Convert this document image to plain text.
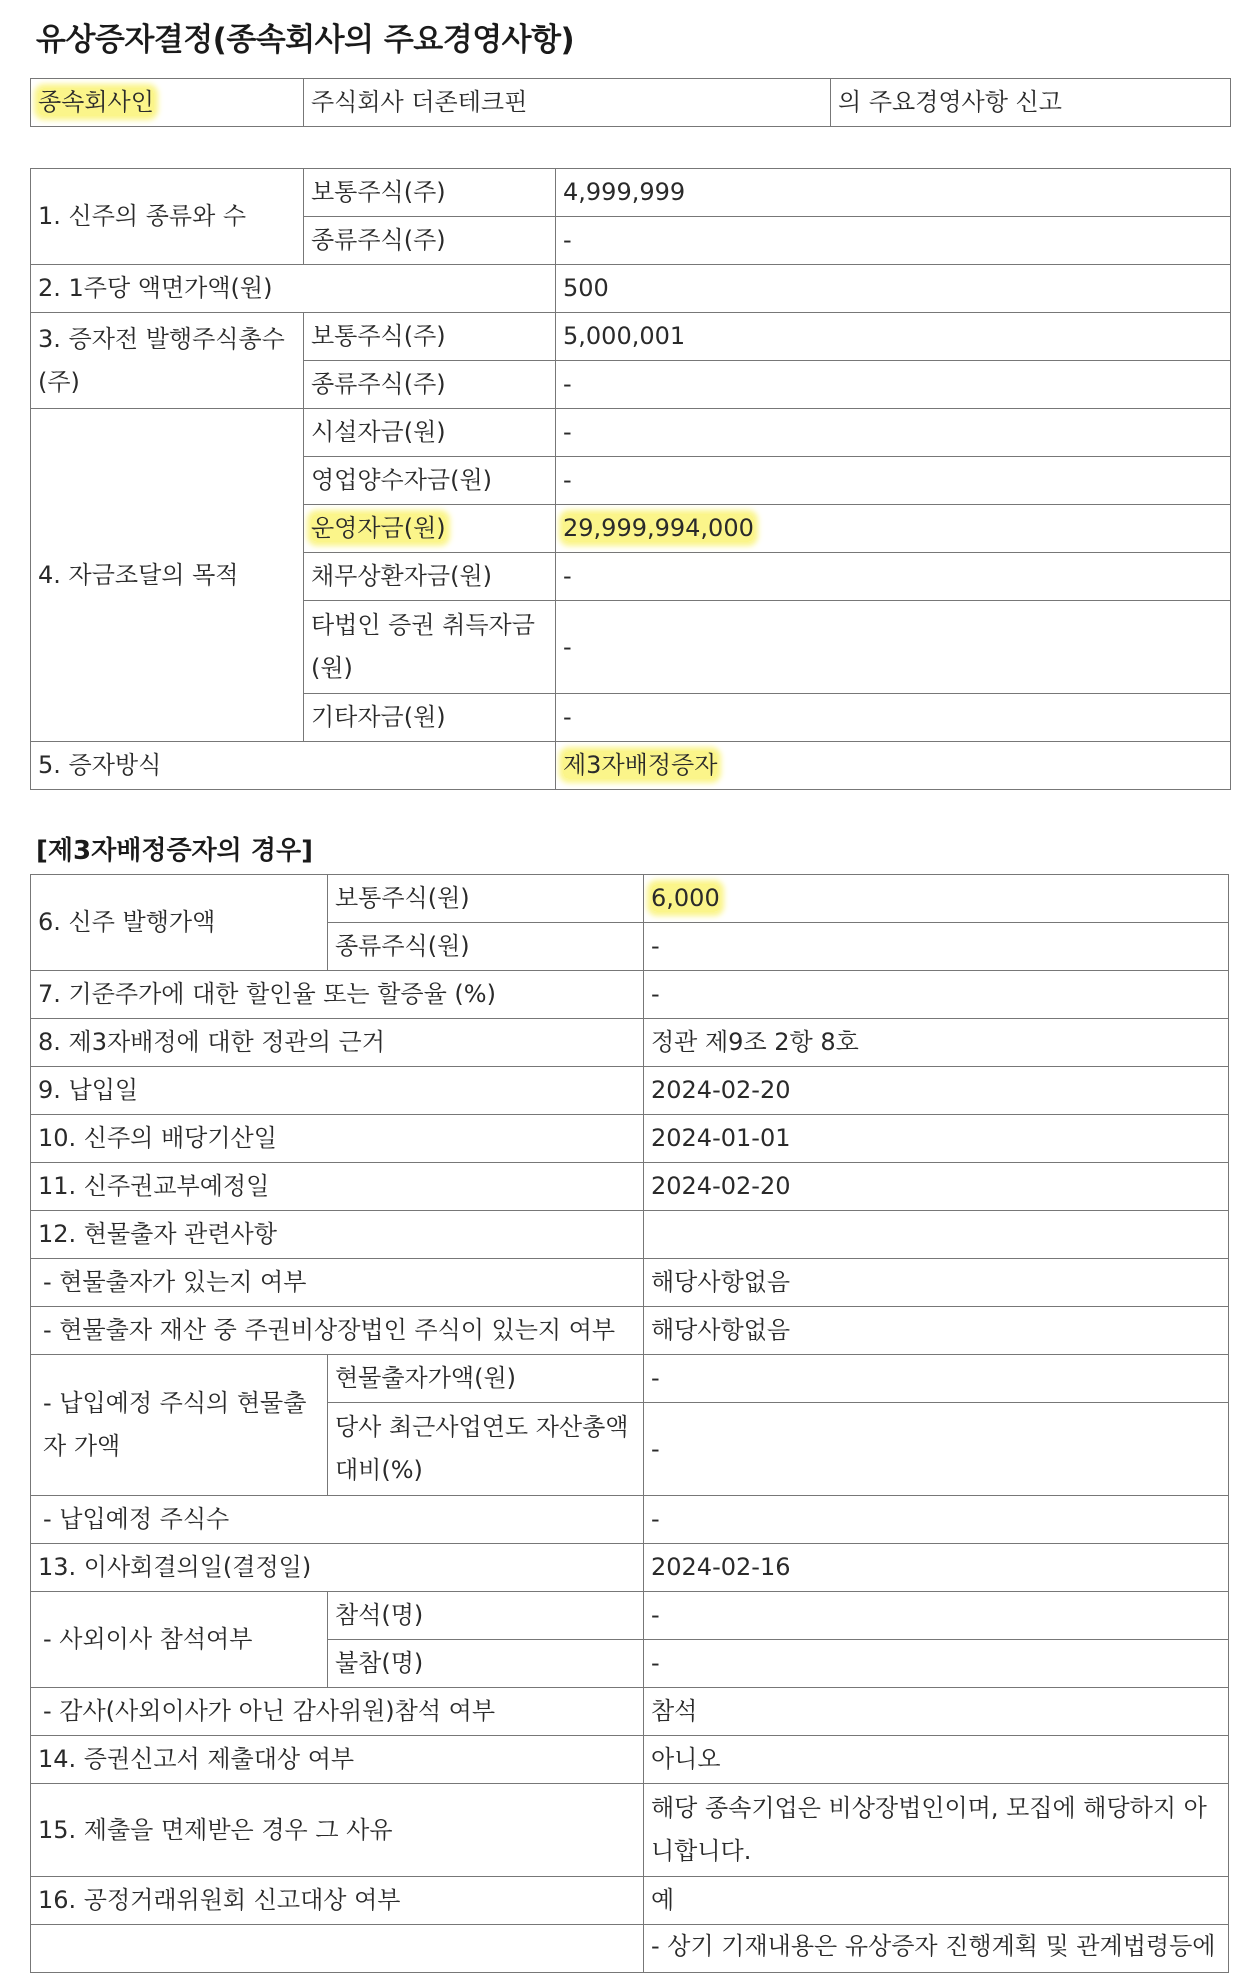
유상증자결정(종속회사의 주요경영사항)
종속회사인	주식회사 더존테크핀	의 주요경영사항 신고
1. 신주의 종류와 수	보통주식(주)	4,999,999
	종류주식(주)	-
2. 1주당 액면가액(원)		500
3. 증자전 발행주식총수(주)	보통주식(주)	5,000,001
	종류주식(주)	-
4. 자금조달의 목적	시설자금(원)	-
	영업양수자금(원)	-
	운영자금(원)	29,999,994,000
	채무상환자금(원)	-
	타법인 증권 취득자금(원)	-
	기타자금(원)	-
5. 증자방식		제3자배정증자
[제3자배정증자의 경우]
6. 신주 발행가액	보통주식(원)	6,000
	종류주식(원)	-
7. 기준주가에 대한 할인율 또는 할증율 (%)		-
8. 제3자배정에 대한 정관의 근거		정관 제9조 2항 8호
9. 납입일		2024-02-20
10. 신주의 배당기산일		2024-01-01
11. 신주권교부예정일		2024-02-20
12. 현물출자 관련사항		
- 현물출자가 있는지 여부		해당사항없음
- 현물출자 재산 중 주권비상장법인 주식이 있는지 여부		해당사항없음
- 납입예정 주식의 현물출자 가액	현물출자가액(원)	-
	당사 최근사업연도 자산총액대비(%)	-
- 납입예정 주식수		-
13. 이사회결의일(결정일)		2024-02-16
- 사외이사 참석여부	참석(명)	-
	불참(명)	-
- 감사(사외이사가 아닌 감사위원)참석 여부		참석
14. 증권신고서 제출대상 여부		아니오
15. 제출을 면제받은 경우 그 사유		해당 종속기업은 비상장법인이며, 모집에 해당하지 아니합니다.
16. 공정거래위원회 신고대상 여부		예
		- 상기 기재내용은 유상증자 진행계획 및 관계법령등에
